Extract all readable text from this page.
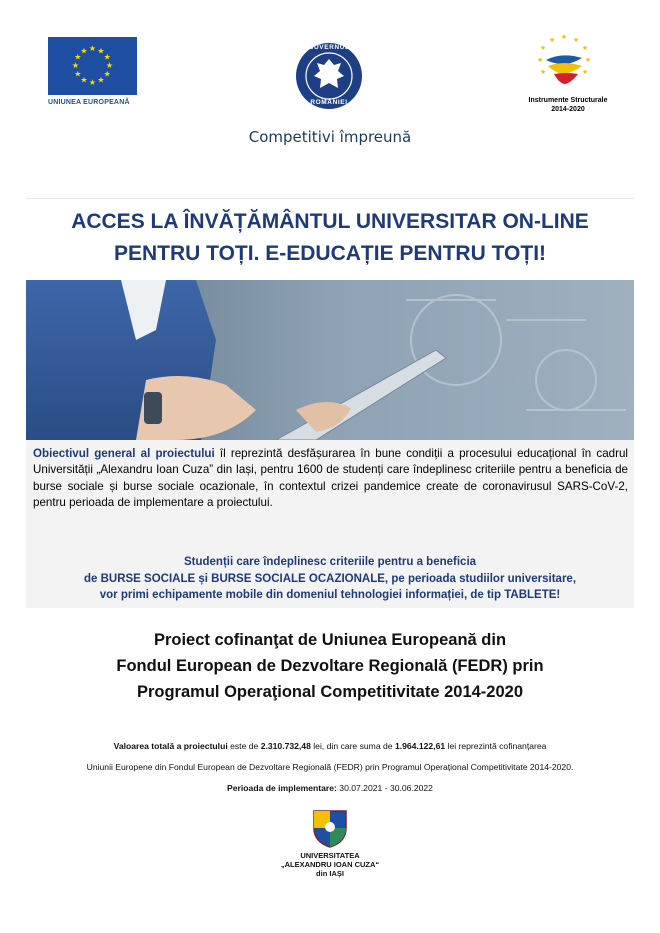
★ ★
★
★
★
★
★
★
★
★
★
★
UNIUNEA EUROPEANĂ
GUVERNUL
ROMÂNIEI
★ ★
★
★
★
★
★
★	★
Instrumente Structurale
2014-2020
Competitivi împreună
ACCES LA ÎNVĂȚĂMÂNTUL UNIVERSITAR ON-LINE
PENTRU TOȚI. E-EDUCAȚIE PENTRU TOȚI!
Obiectivul general al proiectului îl reprezintă desfășurarea în bune condiții a procesului educațional în cadrul Universității „Alexandru Ioan Cuza” din Iași, pentru 1600 de studenți care îndeplinesc criteriile pentru a beneficia de burse sociale și burse sociale ocazionale, în contextul crizei pandemice create de coronavirusul SARS-CoV-2, pentru perioada de implementare a proiectului.
Studenții care îndeplinesc criteriile pentru a beneficia
de BURSE SOCIALE și BURSE SOCIALE OCAZIONALE, pe perioada studiilor universitare,
vor primi echipamente mobile din domeniul tehnologiei informației, de tip TABLETE!
Proiect cofinanţat de Uniunea Europeană din
Fondul European de Dezvoltare Regională (FEDR) prin
Programul Operaţional Competitivitate 2014-2020
Valoarea totală a proiectului este de 2.310.732,48 lei, din care suma de 1.964.122,61 lei reprezintă cofinanțarea
Uniunii Europene din Fondul European de Dezvoltare Regională (FEDR) prin Programul Operațional Competitivitate 2014-2020.
Perioada de implementare: 30.07.2021 - 30.06.2022
UNIVERSITATEA
„ALEXANDRU IOAN CUZA“
din IAȘI
